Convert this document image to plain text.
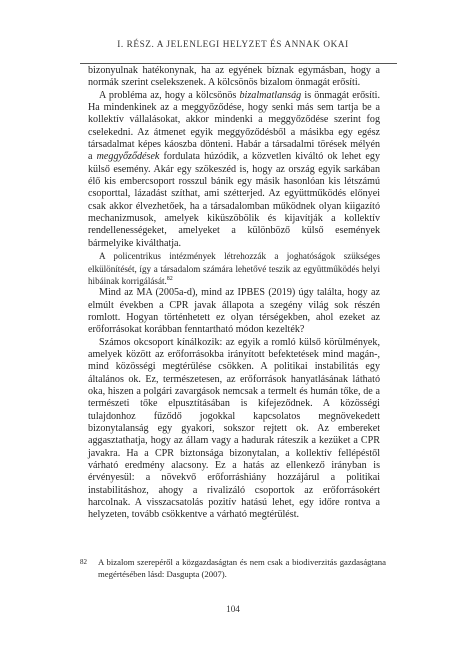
I. RÉSZ. A JELENLEGI HELYZET ÉS ANNAK OKAI

bizonyulnak hatékonynak, ha az egyének bíznak egymásban, hogy a normák szerint cselekszenek. A kölcsönös bizalom önmagát erősíti.

A probléma az, hogy a kölcsönös bizalmatlanság is önmagát erősíti. Ha mindenkinek az a meggyőződése, hogy senki más sem tartja be a kollektív vállalásokat, akkor mindenki a meggyőződése szerint fog cselekedni. Az átmenet egyik meggyőződésből a másikba egy egész társadalmat képes káoszba dönteni. Habár a társadalmi törések mélyén a meggyőződések fordulata húzódik, a közvetlen kiváltó ok lehet egy külső esemény. Akár egy szökeszéd is, hogy az ország egyik sarkában élő kis embercsoport rosszul bánik egy másik hasonlóan kis létszámú csoporttal, lázadást szíthat, ami szétterjed. Az együttműködés előnyei csak akkor élvezhetőek, ha a társadalomban működnek olyan kiigazító mechanizmusok, amelyek kiküszöbölik és kijavítják a kollektív rendellenességeket, amelyeket a különböző külső események bármelyike kiválthatja.

A policentrikus intézmények létrehozzák a joghatóságok szükséges elkülönítését, így a társadalom számára lehetővé teszik az együttműködés helyi hibáinak korrigálását.$^{82}$

Mind az MA (2005a-d), mind az IPBES (2019) úgy találta, hogy az elmúlt években a CPR javak állapota a szegény világ sok részén romlott. Hogyan történhetett ez olyan térségekben, ahol ezeket az erőforrásokat korábban fenntartható módon kezelték?

Számos okcsoport kínálkozik: az egyik a romló külső körülmények, amelyek között az erőforrásokba irányított befektetések mind magán-, mind közösségi megtérülése csökken. A politikai instabilitás egy általános ok. Ez, természetesen, az erőforrások hanyatlásának látható oka, hiszen a polgári zavargások nemcsak a termelt és humán tőke, de a természeti tőke elpusztításában is kifejeződnek. A közösségi tulajdonhoz fűződő jogokkal kapcsolatos megnövekedett bizonytalanság egy gyakori, sokszor rejtett ok. Az embereket aggasztathatja, hogy az állam vagy a hadurak ráteszik a kezüket a CPR javakra. Ha a CPR biztonsága bizonytalan, a kollektív fellépéstől várható eredmény alacsony. Ez a hatás az ellenkező irányban is érvényesül: a növekvő erőforráshiány hozzájárul a politikai instabilitáshoz, ahogy a rivalizáló csoportok az erőforrásokért harcolnak. A visszacsatolás pozitív hatású lehet, egy időre rontva a helyzeten, tovább csökkentve a várható megtérülést.

82 A bizalom szerepéről a közgazdaságtan és nem csak a biodiverzitás gazdaságtana megértésében lásd: Dasgupta (2007).
104
